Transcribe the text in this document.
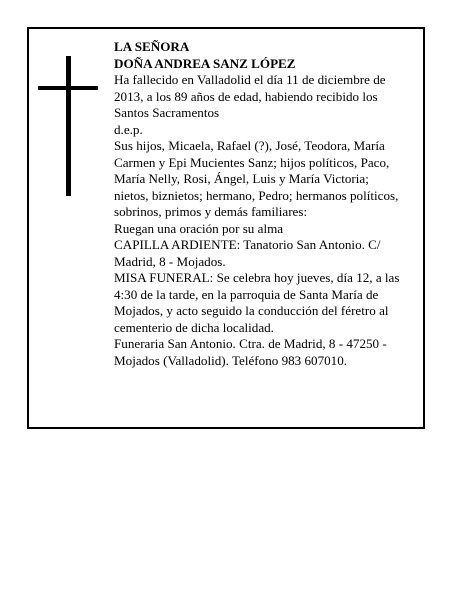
LA SEÑORA

DOÑA ANDREA SANZ LÓPEZ

Ha fallecido en Valladolid el día 11 de diciembre de 2013, a los 89 años de edad, habiendo recibido los Santos Sacramentos

d.e.p.

Sus hijos, Micaela, Rafael (?), José, Teodora, María Carmen y Epi Mucientes Sanz; hijos políticos, Paco, María Nelly, Rosi, Ángel, Luis y María Victoria; nietos, biznietos; hermano, Pedro; hermanos políticos, sobrinos, primos y demás familiares:

Ruegan una oración por su alma

CAPILLA ARDIENTE: Tanatorio San Antonio. C/ Madrid, 8 - Mojados.

MISA FUNERAL: Se celebra hoy jueves, día 12, a las 4:30 de la tarde, en la parroquia de Santa María de Mojados, y acto seguido la conducción del féretro al cementerio de dicha localidad.

Funeraria San Antonio. Ctra. de Madrid, 8 - 47250 - Mojados (Valladolid). Teléfono 983 607010.
